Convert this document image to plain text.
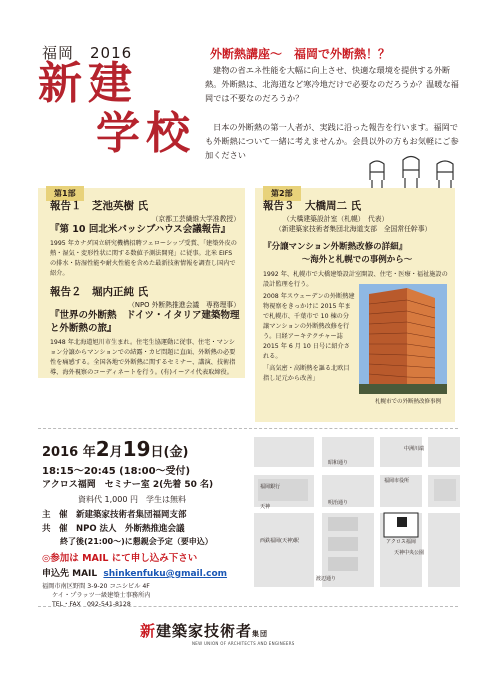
福岡　2016
新建
学校
外断熱講座～　福岡で外断熱！？
建物の省エネ性能を大幅に向上させ、快適な環境を提供する外断熱。外断熱は、北海道など寒冷地だけで必要なのだろうか？温暖な福岡では不要なのだろうか？
日本の外断熱の第一人者が、実践に沿った報告を行います。福岡でも外断熱について一緒に考えませんか。会員以外の方もお気軽にご参加ください
第1部
報告１　芝池英樹 氏
（京都工芸繊維大学准教授）
『第 10 回北米パッシブハウス会議報告』
1995 年カナダ国立研究機構招聘フェローシップ受賞、「建築外皮の熱・湿気・変形性状に関する数値予測法開発」に従事。北米 EIFS の排水・防湿性能や耐火性能を含めた最新技術情報を調査し国内で紹介。
報告２　堀内正純 氏
（NPO 外断熱推進会議　専務理事）
『世界の外断熱　ドイツ・イタリア建築物理と外断熱の旅』
1948 年北海道旭川市生まれ。住宅生協運動に従事、住宅・マンション分譲からマンションでの結露・カビ問題に直面、外断熱の必要性を痛感する。全国各地で外断熱に関するセミナー、講演、技術指導、海外視察のコーディネートを行う。(有)イーアイ代表取締役。
第2部
報告３　大橋周二 氏
（大橋建築設計室（札幌）　代表）
（新建築家技術者集団北海道支部　全国常任幹事）
『分譲マンション外断熱改修の詳細』
～海外と札幌での事例から～
1992 年、札幌市で大橋建築設計室開設、住宅・医療・福祉施設の設計監理を行う。
2008 年スウェーデンの外断熱建物視察をきっかけに 2015 年まで札幌市、千葉市で 10 棟の分譲マンションの外断熱改修を行う。日経アーキテクチャー誌 2015 年 6 月 10 日号に紹介される。
「高気密・高断熱を謳る北欧目指し足元から改善」
札幌市での外断熱改修事例
2016 年2月19日(金)
18:15～20:45 (18:00～受付)
アクロス福岡　セミナー室 2(先着 50 名)
資料代 1,000 円　学生は無料
主　催　新建築家技術者集団福岡支部
共　催　NPO 法人　外断熱推進会議
終了後(21:00～)に懇親会予定（要申込）
◎参加は MAIL にて申し込み下さい
申込先 MAIL shinkenfuku@gmail.com
福岡市南区野間 3-9-20 コニシビル 4F
ケイ・プラッツ一級建築士事務所内
TEL・FAX　092-541-8128
アクロス福岡
昭和通り
明治通り
天神
中洲川端
西鉄福岡(天神)駅
福岡銀行
渡辺通り
天神中央公園
福岡市役所
新建築家技術者集団
NEW UNION OF ARCHITECTS AND ENGINEERS
